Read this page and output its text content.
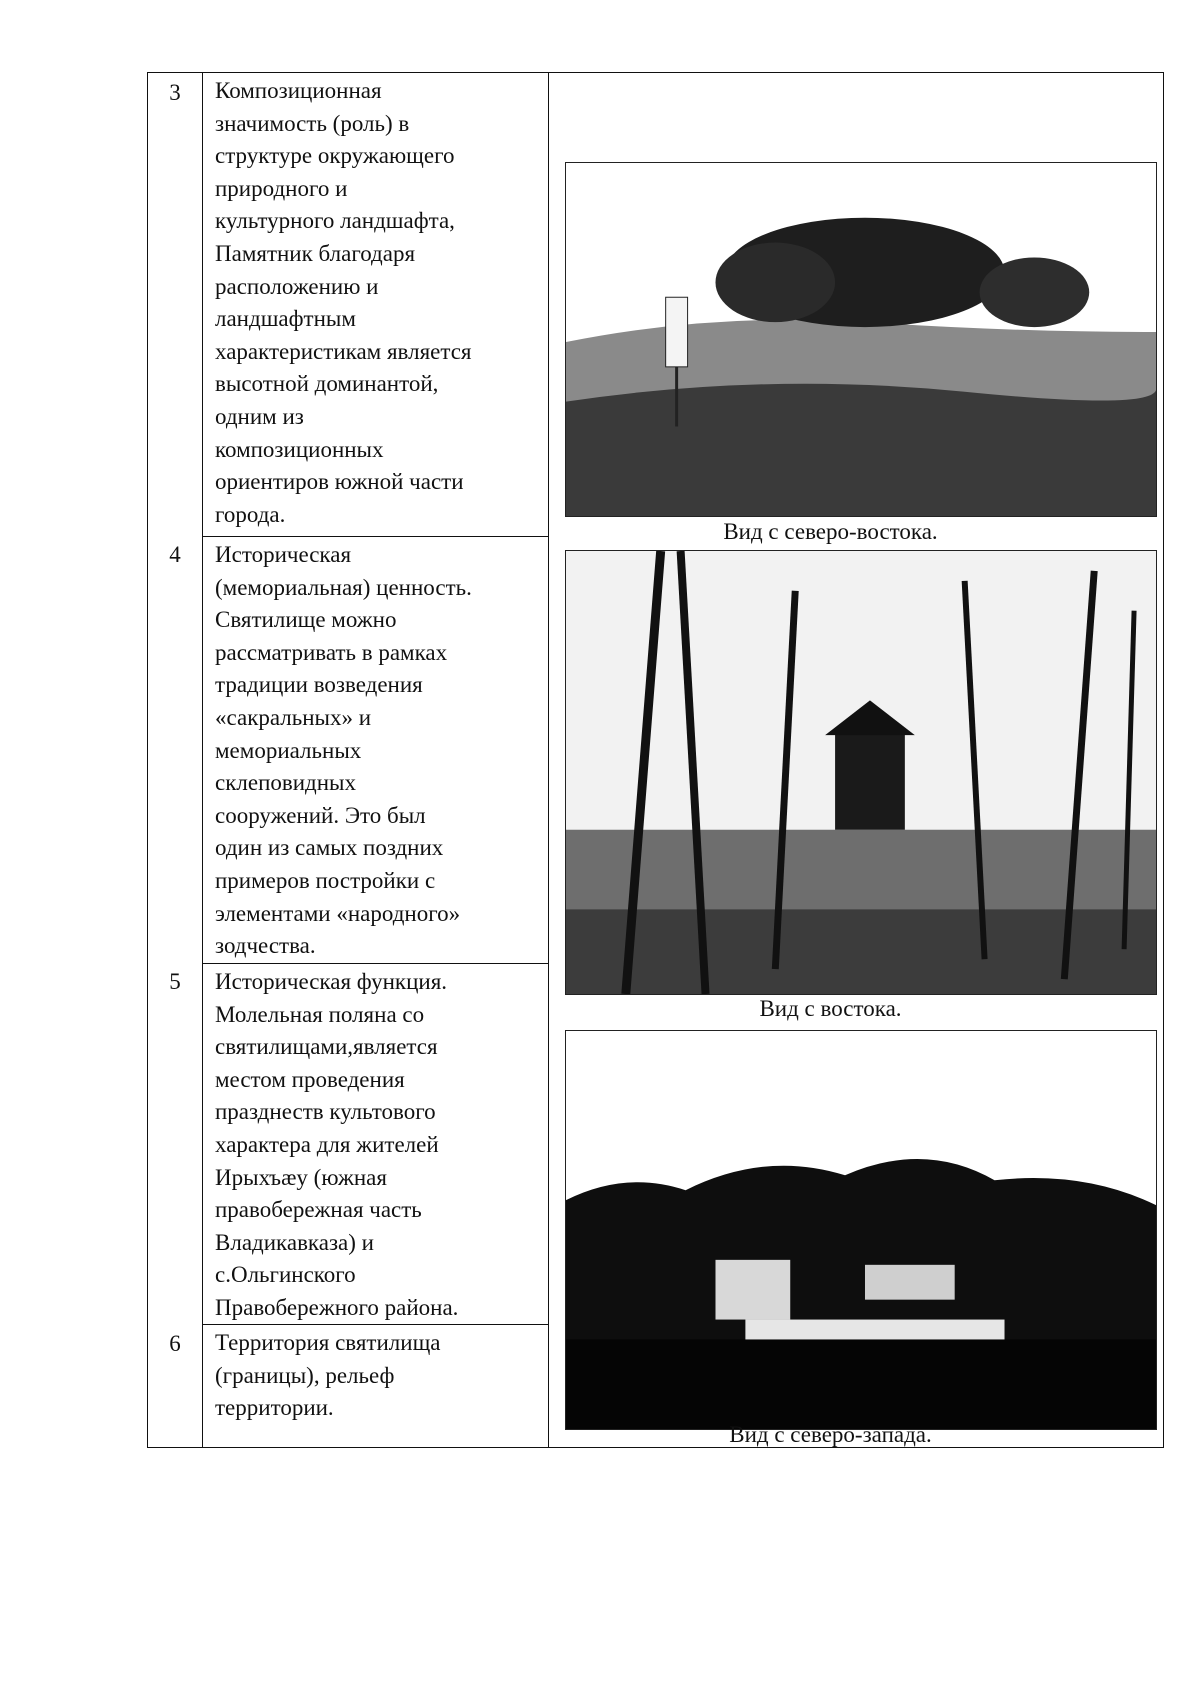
3	Композиционная
значимость (роль) в
структуре окружающего
природного и
культурного ландшафта,
Памятник благодаря
расположению и
ландшафтным
характеристикам является
высотной доминантой,
одним из
композиционных
ориентиров южной части
города.
4	Историческая
(мемориальная) ценность.
Святилище можно
рассматривать в рамках
традиции возведения
«сакральных» и
мемориальных
склеповидных
сооружений. Это был
один из самых поздних
примеров постройки с
элементами «народного»
зодчества.
5	Историческая функция.
Молельная поляна со
святилищами,является
местом проведения
празднеств культового
характера для жителей
Ирыхъæу (южная
правобережная часть
Владикавказа) и
с.Ольгинского
Правобережного района.
6	Территория святилища
(границы), рельеф
территории.
Вид с северо-востока.
Вид с востока.
Вид с северо-запада.
